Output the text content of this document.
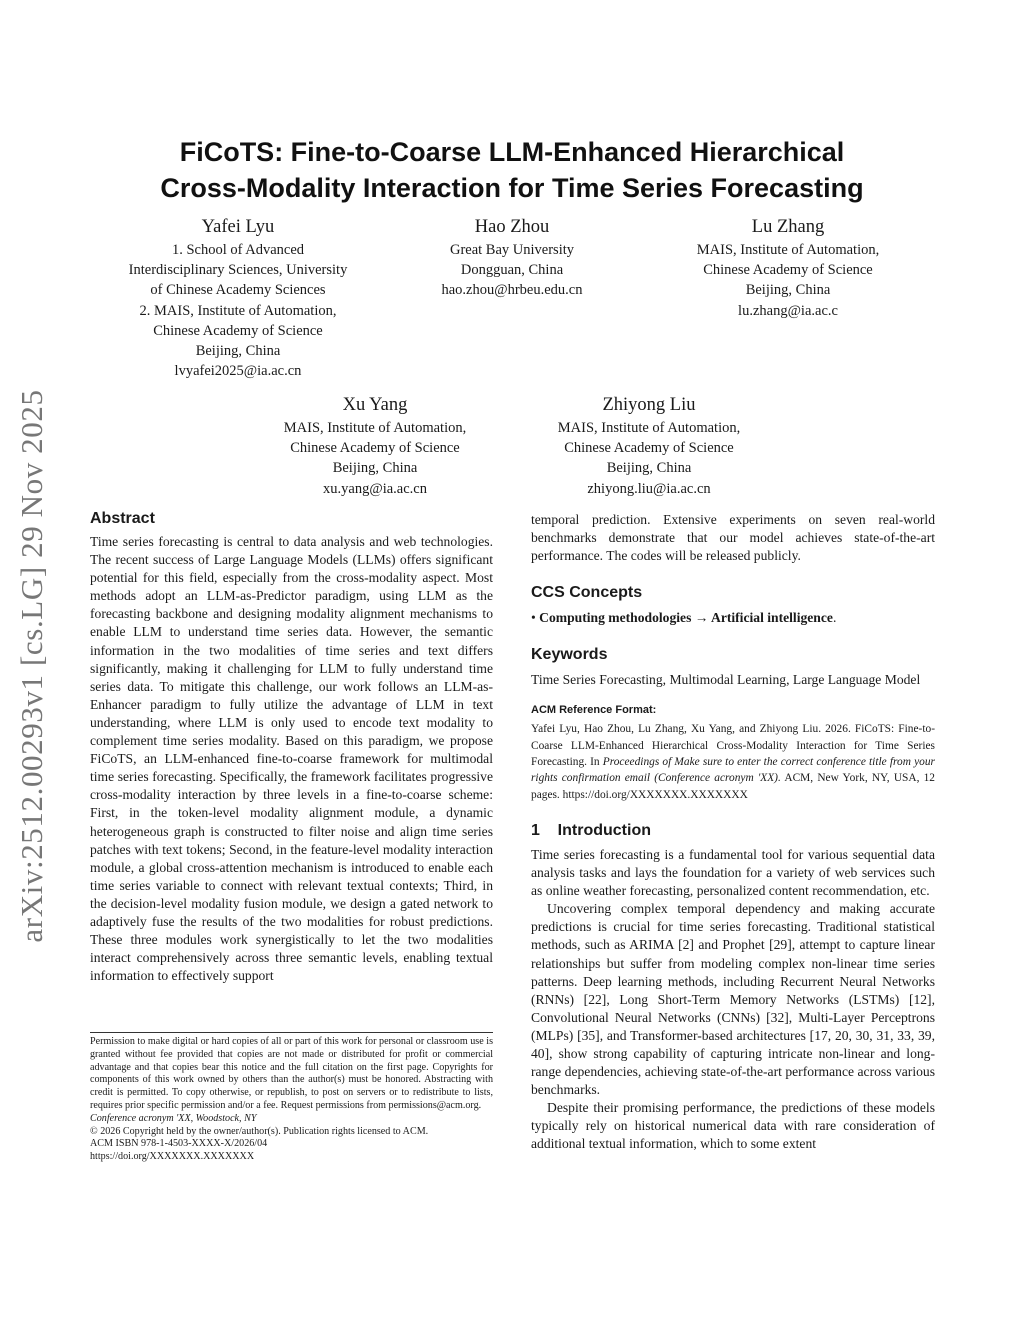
arXiv:2512.00293v1 [cs.LG] 29 Nov 2025
FiCoTS: Fine-to-Coarse LLM-Enhanced Hierarchical
Cross-Modality Interaction for Time Series Forecasting
Yafei Lyu
1. School of Advanced
Interdisciplinary Sciences, University
of Chinese Academy Sciences
2. MAIS, Institute of Automation,
Chinese Academy of Science
Beijing, China
lvyafei2025@ia.ac.cn
Hao Zhou
Great Bay University
Dongguan, China
hao.zhou@hrbeu.edu.cn
Lu Zhang
MAIS, Institute of Automation,
Chinese Academy of Science
Beijing, China
lu.zhang@ia.ac.c
Xu Yang
MAIS, Institute of Automation,
Chinese Academy of Science
Beijing, China
xu.yang@ia.ac.cn
Zhiyong Liu
MAIS, Institute of Automation,
Chinese Academy of Science
Beijing, China
zhiyong.liu@ia.ac.cn

Abstract

Time series forecasting is central to data analysis and web technologies. The recent success of Large Language Models (LLMs) offers significant potential for this field, especially from the cross-modality aspect. Most methods adopt an LLM-as-Predictor paradigm, using LLM as the forecasting backbone and designing modality alignment mechanisms to enable LLM to understand time series data. However, the semantic information in the two modalities of time series and text differs significantly, making it challenging for LLM to fully understand time series data. To mitigate this challenge, our work follows an LLM-as-Enhancer paradigm to fully utilize the advantage of LLM in text understanding, where LLM is only used to encode text modality to complement time series modality. Based on this paradigm, we propose FiCoTS, an LLM-enhanced fine-to-coarse framework for multimodal time series forecasting. Specifically, the framework facilitates progressive cross-modality interaction by three levels in a fine-to-coarse scheme: First, in the token-level modality alignment module, a dynamic heterogeneous graph is constructed to filter noise and align time series patches with text tokens; Second, in the feature-level modality interaction module, a global cross-attention mechanism is introduced to enable each time series variable to connect with relevant textual contexts; Third, in the decision-level modality fusion module, we design a gated network to adaptively fuse the results of the two modalities for robust predictions. These three modules work synergistically to let the two modalities interact comprehensively across three semantic levels, enabling textual information to effectively support

Permission to make digital or hard copies of all or part of this work for personal or classroom use is granted without fee provided that copies are not made or distributed for profit or commercial advantage and that copies bear this notice and the full citation on the first page. Copyrights for components of this work owned by others than the author(s) must be honored. Abstracting with credit is permitted. To copy otherwise, or republish, to post on servers or to redistribute to lists, requires prior specific permission and/or a fee. Request permissions from permissions@acm.org.

Conference acronym 'XX, Woodstock, NY

© 2026 Copyright held by the owner/author(s). Publication rights licensed to ACM.

ACM ISBN 978-1-4503-XXXX-X/2026/04

https://doi.org/XXXXXXX.XXXXXXX

temporal prediction. Extensive experiments on seven real-world benchmarks demonstrate that our model achieves state-of-the-art performance. The codes will be released publicly.

CCS Concepts

• Computing methodologies → Artificial intelligence.

Keywords

Time Series Forecasting, Multimodal Learning, Large Language Model

ACM Reference Format:

Yafei Lyu, Hao Zhou, Lu Zhang, Xu Yang, and Zhiyong Liu. 2026. FiCoTS: Fine-to-Coarse LLM-Enhanced Hierarchical Cross-Modality Interaction for Time Series Forecasting. In Proceedings of Make sure to enter the correct conference title from your rights confirmation email (Conference acronym 'XX). ACM, New York, NY, USA, 12 pages. https://doi.org/XXXXXXX.XXXXXXX

1    Introduction

Time series forecasting is a fundamental tool for various sequential data analysis tasks and lays the foundation for a variety of web services such as online weather forecasting, personalized content recommendation, etc.

Uncovering complex temporal dependency and making accurate predictions is crucial for time series forecasting. Traditional statistical methods, such as ARIMA [2] and Prophet [29], attempt to capture linear relationships but suffer from modeling complex non-linear time series patterns. Deep learning methods, including Recurrent Neural Networks (RNNs) [22], Long Short-Term Memory Networks (LSTMs) [12], Convolutional Neural Networks (CNNs) [32], Multi-Layer Perceptrons (MLPs) [35], and Transformer-based architectures [17, 20, 30, 31, 33, 39, 40], show strong capability of capturing intricate non-linear and long-range dependencies, achieving state-of-the-art performance across various benchmarks.

Despite their promising performance, the predictions of these models typically rely on historical numerical data with rare consideration of additional textual information, which to some extent
